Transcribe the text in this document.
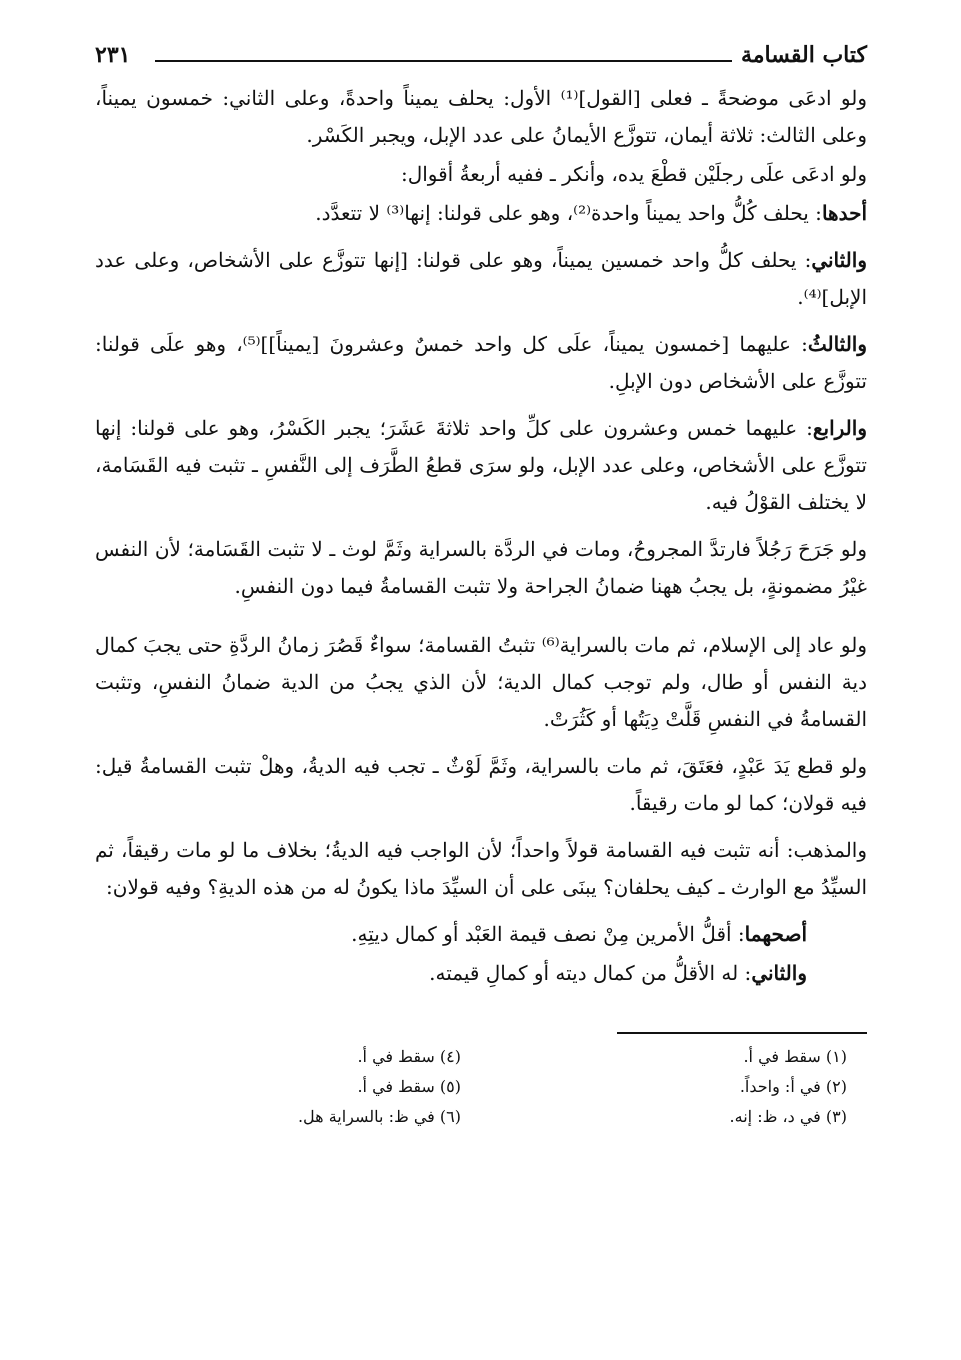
كتاب القسامة
٢٣١

ولو ادعَى موضحةً ـ فعلى [القول]⁽¹⁾ الأول: يحلف يميناً واحدةً، وعلى الثاني: خمسون يميناً، وعلى الثالث: ثلاثة أيمان، تتوزَّع الأيمانُ على عدد الإبل، ويجبر الكَسْر.

ولو ادعَى علَى رجلَيْن قطْعَ يده، وأنكر ـ ففيه أربعةُ أقوال:

أحدها: يحلف كُلُّ واحد يميناً واحدة⁽²⁾، وهو على قولنا: إنها⁽³⁾ لا تتعدَّد.

والثاني: يحلف كلُّ واحد خمسين يميناً، وهو على قولنا: [إنها تتوزَّع على الأشخاص، وعلى عدد الإبل]⁽⁴⁾.

والثالثُ: عليهما [خمسون يميناً، علَى كل واحد خمسٌ وعشرونَ [يميناً]]⁽⁵⁾، وهو علَى قولنا: تتوزَّع على الأشخاص دون الإبلِ.

والرابع: عليهما خمس وعشرون على كلِّ واحد ثلاثةَ عَشَرَ؛ يجبر الكَسْرُ، وهو على قولنا: إنها تتوزَّع على الأشخاص، وعلى عدد الإبل، ولو سرَى قطعُ الطَّرَف إلى النَّفسِ ـ تثبت فيه القَسَامة، لا يختلف القوْلُ فيه.

ولو جَرَحَ رَجُلاً فارتدَّ المجروحُ، ومات في الردَّة بالسراية وثَمَّ لوث ـ لا تثبت القَسَامة؛ لأن النفس غيْرُ مضمونةٍ، بل يجبُ ههنا ضمانُ الجراحة ولا تثبت القسامةُ فيما دون النفسِ.

ولو عاد إلى الإسلام، ثم مات بالسراية⁽⁶⁾ تثبتُ القسامة؛ سواءٌ قَصُرَ زمانُ الردَّةِ حتى يجبَ كمال دية النفس أو طال، ولم توجب كمال الدية؛ لأن الذي يجبُ من الدية ضمانُ النفسِ، وتثبت القسامةُ في النفسِ قَلَّتْ دِيَتُها أو كَثُرَتْ.

ولو قطع يَدَ عَبْدٍ، فعَتَقَ، ثم مات بالسراية، وثَمَّ لَوْثٌ ـ تجب فيه الديةُ، وهلْ تثبت القسامةُ قيل: فيه قولان؛ كما لو مات رقيقاً.

والمذهب: أنه تثبت فيه القسامة قولاً واحداً؛ لأن الواجب فيه الديةُ؛ بخلاف ما لو مات رقيقاً، ثم السيِّدُ مع الوارث ـ كيف يحلفان؟ يبنَى على أن السيِّدَ ماذا يكونُ له من هذه الديةِ؟ وفيه قولان:

أصحهما: أقلُّ الأمرين مِنْ نصف قيمة العَبْد أو كمال ديتِهِ.

والثاني: له الأقلُّ من كمال ديته أو كمالِ قيمته.

(١) سقط في أ.
(٢) في أ: واحداً.
(٣) في د، ظ: إنه.
(٤) سقط في أ.
(٥) سقط في أ.
(٦) في ظ: بالسراية هل.
